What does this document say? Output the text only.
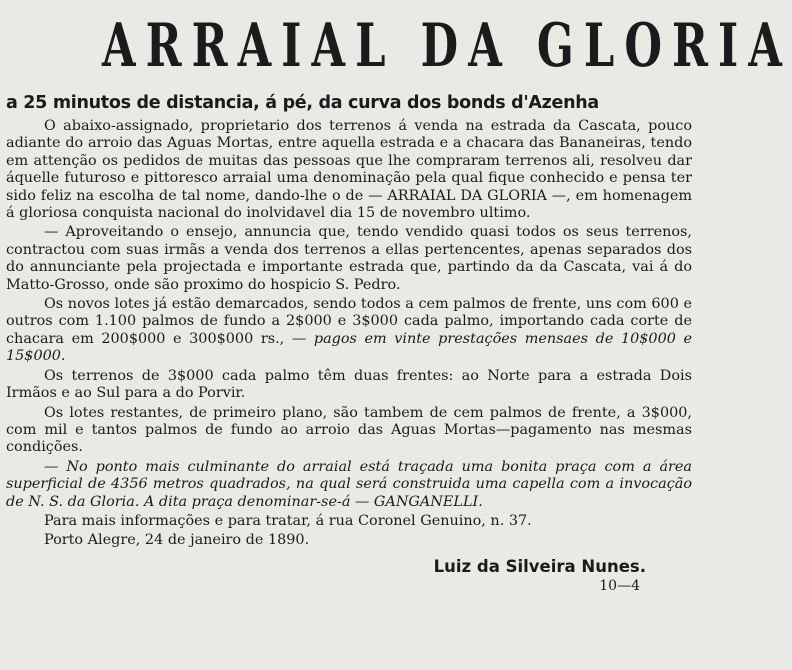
ARRAIAL DA GLORIA
a 25 minutos de distancia, á pé, da curva dos bonds d'Azenha

O abaixo-assignado, proprietario dos terrenos á venda na estrada da Cascata, pouco adiante do arroio das Aguas Mortas, entre aquella estrada e a chacara das Bananeiras, tendo em attenção os pedidos de muitas das pessoas que lhe compraram terrenos ali, resolveu dar áquelle futuroso e pittoresco arraial uma denominação pela qual fique conhecido e pensa ter sido feliz na escolha de tal nome, dando-lhe o de — ARRAIAL DA GLORIA —, em homenagem á gloriosa conquista nacional do inolvidavel dia 15 de novembro ultimo.

— Aproveitando o ensejo, annuncia que, tendo vendido quasi todos os seus terrenos, contractou com suas irmãs a venda dos terrenos a ellas pertencentes, apenas separados dos do annunciante pela projectada e importante estrada que, partindo da da Cascata, vai á do Matto-Grosso, onde são proximo do hospicio S. Pedro.

Os novos lotes já estão demarcados, sendo todos a cem palmos de frente, uns com 600 e outros com 1.100 palmos de fundo a 2$000 e 3$000 cada palmo, importando cada corte de chacara em 200$000 e 300$000 rs., — pagos em vinte prestações mensaes de 10$000 e 15$000.

Os terrenos de 3$000 cada palmo têm duas frentes: ao Norte para a estrada Dois Irmãos e ao Sul para a do Porvir.

Os lotes restantes, de primeiro plano, são tambem de cem palmos de frente, a 3$000, com mil e tantos palmos de fundo ao arroio das Aguas Mortas—pagamento nas mesmas condições.

— No ponto mais culminante do arraial está traçada uma bonita praça com a área superficial de 4356 metros quadrados, na qual será construida uma capella com a invocação de N. S. da Gloria. A dita praça denominar-se-á — GANGANELLI.

Para mais informações e para tratar, á rua Coronel Genuino, n. 37.

Porto Alegre, 24 de janeiro de 1890.

Luiz da Silveira Nunes.
10—4
